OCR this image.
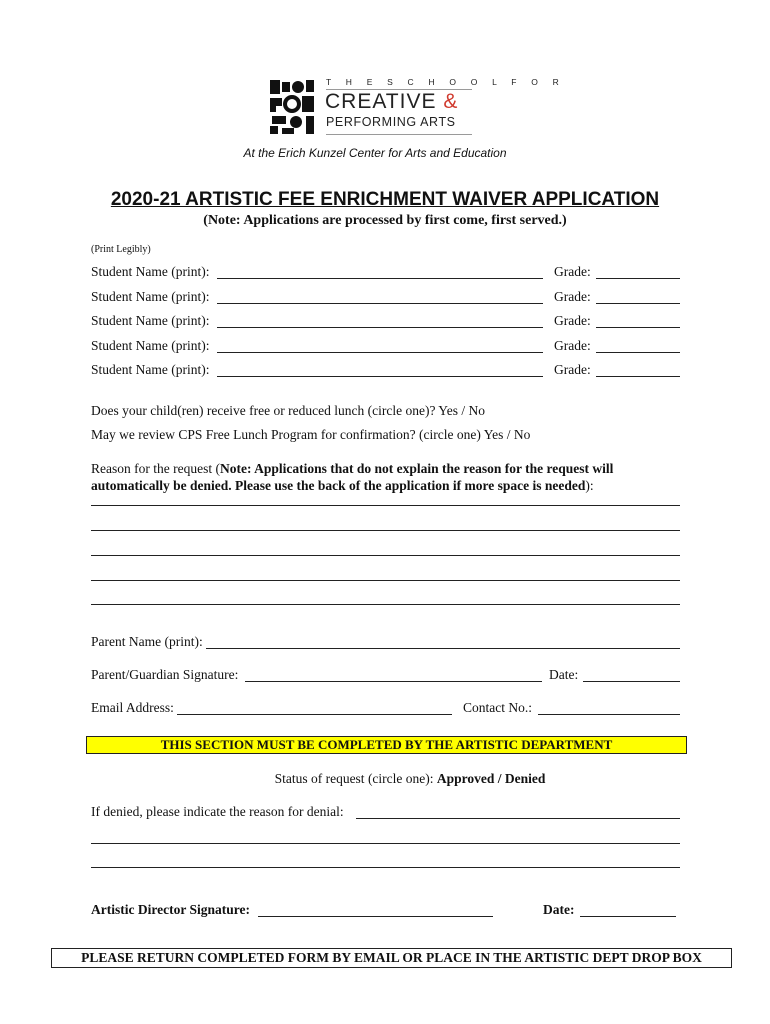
T H E S C H O O L F O R
CREATIVE &
PERFORMING ARTS
At the Erich Kunzel Center for Arts and Education
2020-21 ARTISTIC FEE ENRICHMENT WAIVER APPLICATION
(Note: Applications are processed by first come, first served.)
(Print Legibly)
Student Name (print):	Grade:
Student Name (print):	Grade:
Student Name (print):	Grade:
Student Name (print):	Grade:
Student Name (print):	Grade:
Does your child(ren) receive free or reduced lunch (circle one)? Yes / No
May we review CPS Free Lunch Program for confirmation? (circle one) Yes / No
Reason for the request (Note: Applications that do not explain the reason for the request will
automatically be denied. Please use the back of the application if more space is needed):
Parent Name (print):
Parent/Guardian Signature:	Date:
Email Address:	Contact No.:
THIS SECTION MUST BE COMPLETED BY THE ARTISTIC DEPARTMENT
Status of request (circle one): Approved / Denied
If denied, please indicate the reason for denial:
Artistic Director Signature:	Date:
PLEASE RETURN COMPLETED FORM BY EMAIL OR PLACE IN THE ARTISTIC DEPT DROP BOX
